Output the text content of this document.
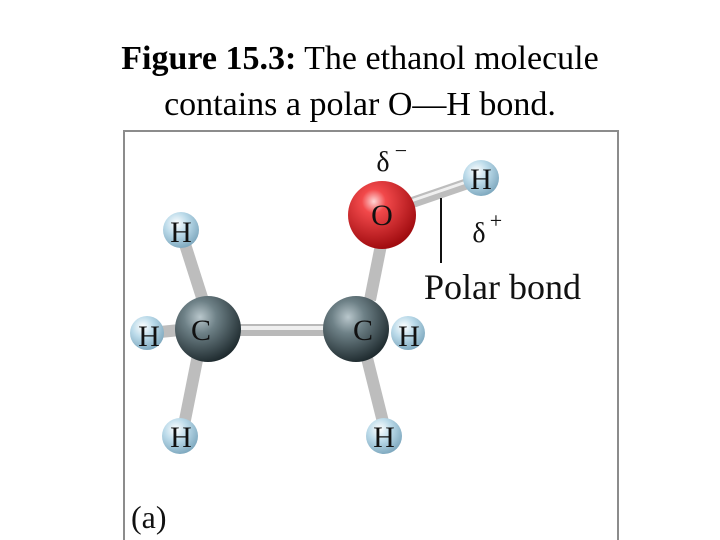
Figure 15.3: The ethanol molecule
contains a polar O—H bond.
H
H C	C H
H	H
O
H
δ −
δ +
Polar bond
(a)
